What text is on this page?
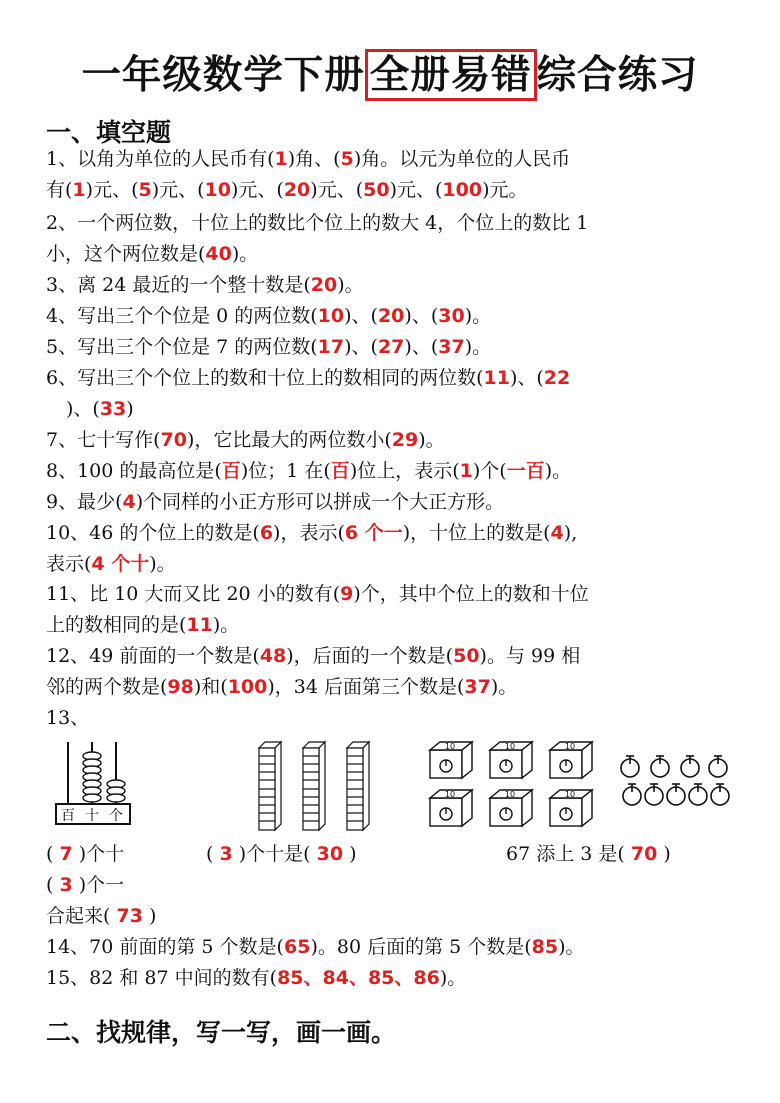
一年级数学下册 全册易错 综合练习
一、填空题
1、以角为单位的人民币有(1)角、(5)角。以元为单位的人民币
有(1)元、(5)元、(10)元、(20)元、(50)元、(100)元。
2、一个两位数，十位上的数比个位上的数大 4，个位上的数比 1
小，这个两位数是(40)。
3、离 24 最近的一个整十数是(20)。
4、写出三个个位是 0 的两位数(10)、(20)、(30)。
5、写出三个个位是 7 的两位数(17)、(27)、(37)。
6、写出三个个位上的数和十位上的数相同的两位数(11)、(22
)、(33)
7、七十写作(70)，它比最大的两位数小(29)。
8、100 的最高位是(百)位；1 在(百)位上，表示(1)个(一百)。
9、最少(4)个同样的小正方形可以拼成一个大正方形。
10、46 的个位上的数是(6)，表示(6 个一)，十位上的数是(4),
表示(4 个十)。
11、比 10 大而又比 20 小的数有(9)个，其中个位上的数和十位
上的数相同的是(11)。
12、49 前面的一个数是(48)，后面的一个数是(50)。与 99 相
邻的两个数是(98)和(100)，34 后面第三个数是(37)。
13、
百 十 个
10
( 7 )个十	( 3 )个十是( 30 )	67 添上 3 是( 70 )
( 3 )个一
合起来( 73 )
14、70 前面的第 5 个数是(65)。80 后面的第 5 个数是(85)。
15、82 和 87 中间的数有(85、84、85、86)。
二、找规律，写一写，画一画。
